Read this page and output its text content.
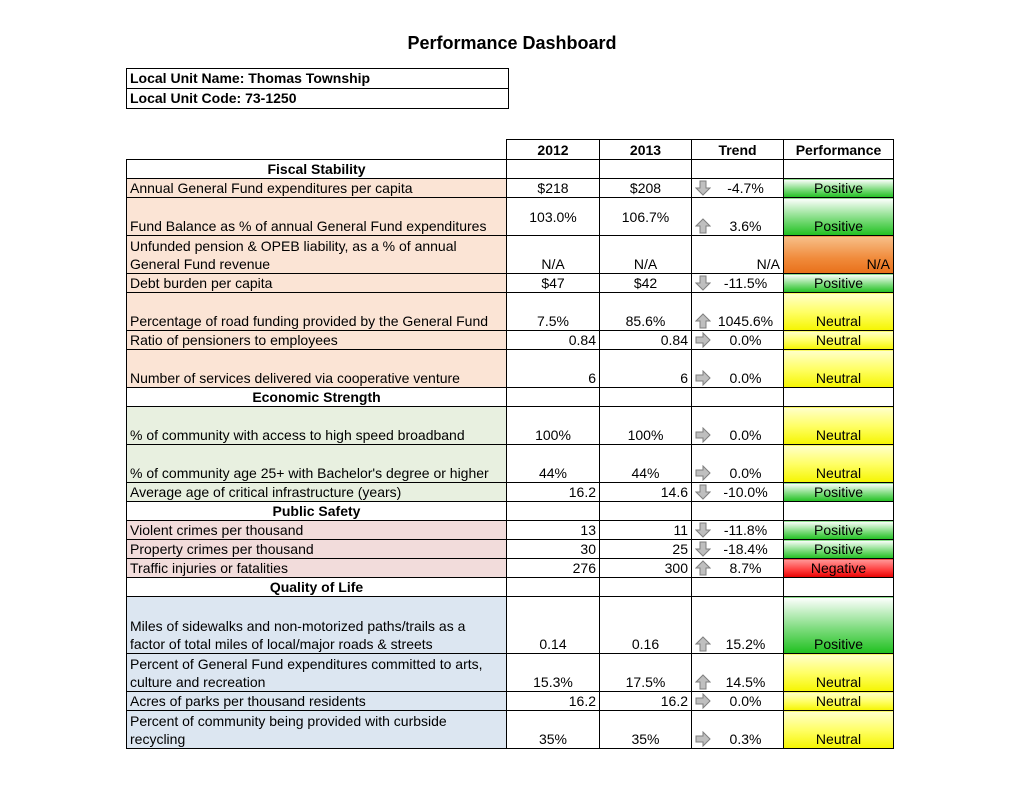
Performance Dashboard
Local Unit Name: Thomas Township
Local Unit Code: 73-1250
	2012	2013	Trend	Performance
Fiscal Stability				
Annual General Fund expenditures per capita	$218	$208	-4.7%	Positive
Fund Balance as % of annual General Fund expenditures	103.0%	106.7%	3.6%	Positive
Unfunded pension & OPEB liability, as a % of annual General Fund revenue	N/A	N/A	N/A	N/A
Debt burden per capita	$47	$42	-11.5%	Positive
Percentage of road funding provided by the General Fund	7.5%	85.6%	1045.6%	Neutral
Ratio of pensioners to employees	0.84	0.84	0.0%	Neutral
Number of services delivered via cooperative venture	6	6	0.0%	Neutral
Economic Strength				
% of community with access to high speed broadband	100%	100%	0.0%	Neutral
% of community age 25+ with Bachelor's degree or higher	44%	44%	0.0%	Neutral
Average age of critical infrastructure (years)	16.2	14.6	-10.0%	Positive
Public Safety				
Violent crimes per thousand	13	11	-11.8%	Positive
Property crimes per thousand	30	25	-18.4%	Positive
Traffic injuries or fatalities	276	300	8.7%	Negative
Quality of Life				
Miles of sidewalks and non-motorized paths/trails as a factor of total miles of local/major roads & streets	0.14	0.16	15.2%	Positive
Percent of General Fund expenditures committed to arts, culture and recreation	15.3%	17.5%	14.5%	Neutral
Acres of parks per thousand residents	16.2	16.2	0.0%	Neutral
Percent of community being provided with curbside recycling	35%	35%	0.3%	Neutral
